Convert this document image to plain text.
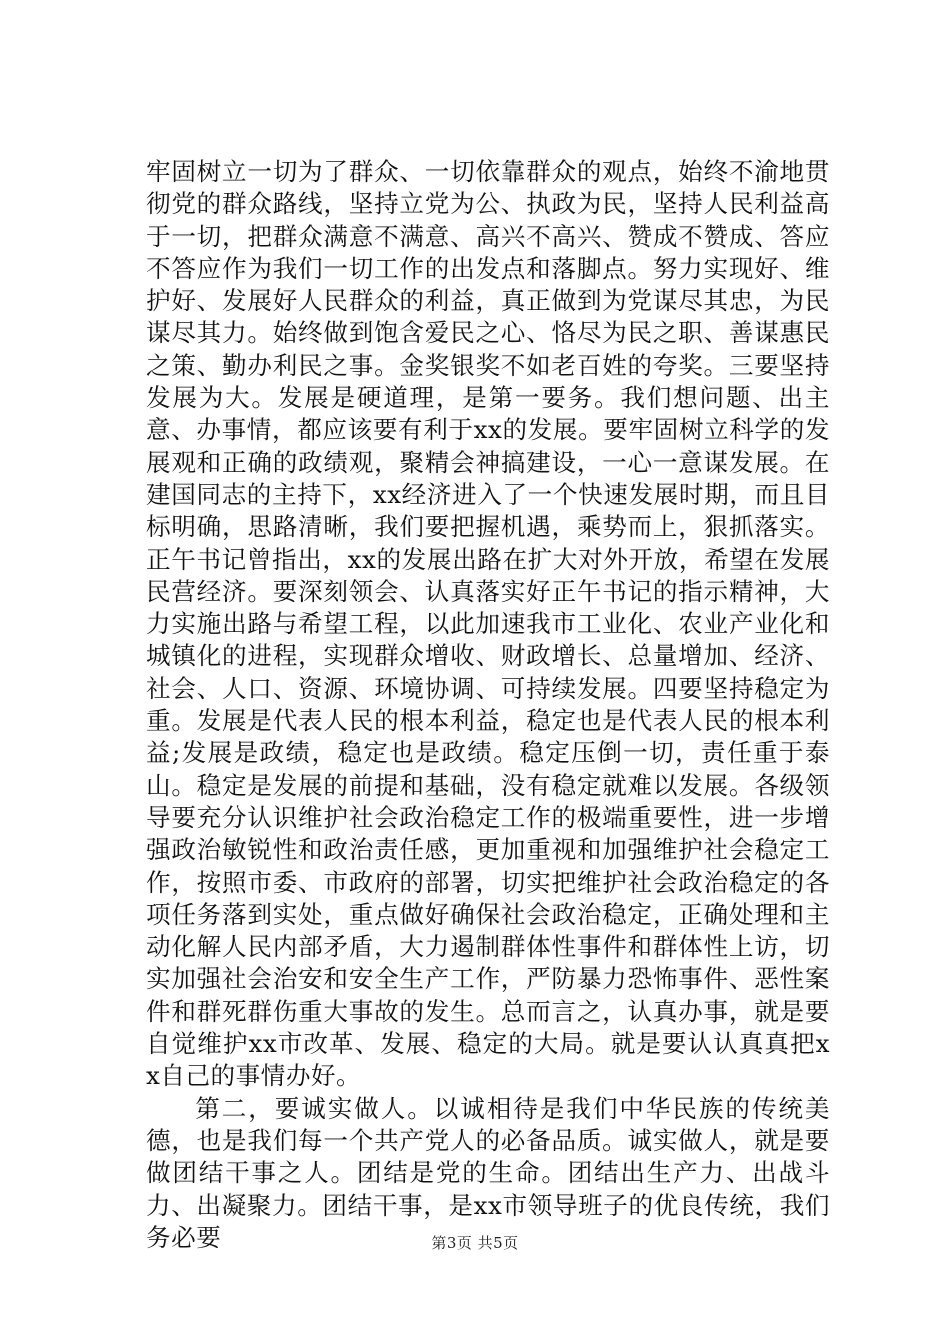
牢固树立一切为了群众、一切依靠群众的观点，始终不渝地贯彻党的群众路线，坚持立党为公、执政为民，坚持人民利益高于一切，把群众满意不满意、高兴不高兴、赞成不赞成、答应不答应作为我们一切工作的出发点和落脚点。努力实现好、维护好、发展好人民群众的利益，真正做到为党谋尽其忠，为民谋尽其力。始终做到饱含爱民之心、恪尽为民之职、善谋惠民之策、勤办利民之事。金奖银奖不如老百姓的夸奖。三要坚持发展为大。发展是硬道理，是第一要务。我们想问题、出主意、办事情，都应该要有利于xx的发展。要牢固树立科学的发展观和正确的政绩观，聚精会神搞建设，一心一意谋发展。在建国同志的主持下，xx经济进入了一个快速发展时期，而且目标明确，思路清晰，我们要把握机遇，乘势而上，狠抓落实。正午书记曾指出，xx的发展出路在扩大对外开放，希望在发展民营经济。要深刻领会、认真落实好正午书记的指示精神，大力实施出路与希望工程，以此加速我市工业化、农业产业化和城镇化的进程，实现群众增收、财政增长、总量增加、经济、社会、人口、资源、环境协调、可持续发展。四要坚持稳定为重。发展是代表人民的根本利益，稳定也是代表人民的根本利益;发展是政绩，稳定也是政绩。稳定压倒一切，责任重于泰山。稳定是发展的前提和基础，没有稳定就难以发展。各级领导要充分认识维护社会政治稳定工作的极端重要性，进一步增强政治敏锐性和政治责任感，更加重视和加强维护社会稳定工作，按照市委、市政府的部署，切实把维护社会政治稳定的各项任务落到实处，重点做好确保社会政治稳定，正确处理和主动化解人民内部矛盾，大力遏制群体性事件和群体性上访，切实加强社会治安和安全生产工作，严防暴力恐怖事件、恶性案件和群死群伤重大事故的发生。总而言之，认真办事，就是要自觉维护xx市改革、发展、稳定的大局。就是要认认真真把xx自己的事情办好。

第二，要诚实做人。以诚相待是我们中华民族的传统美德，也是我们每一个共产党人的必备品质。诚实做人，就是要做团结干事之人。团结是党的生命。团结出生产力、出战斗力、出凝聚力。团结干事，是xx市领导班子的优良传统，我们务必要	第3页 共5页
